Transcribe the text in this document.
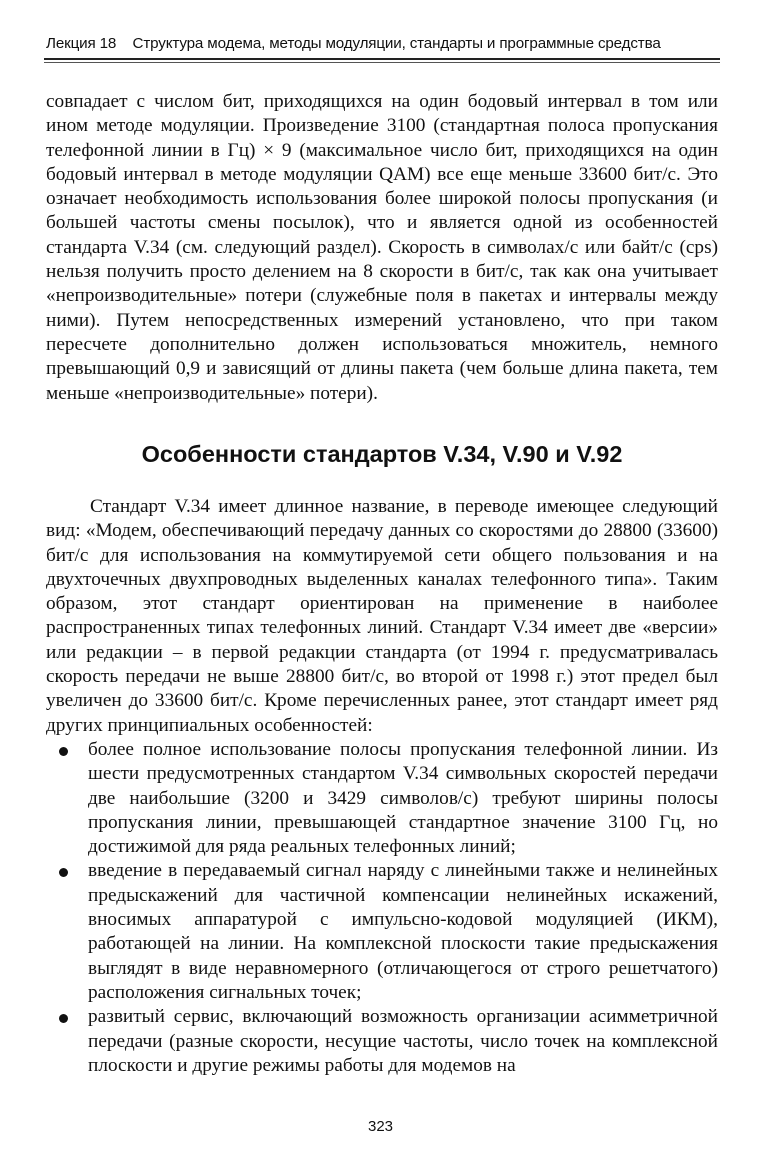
Лекция 18    Структура модема, методы модуляции, стандарты и программные средства

совпадает с числом бит, приходящихся на один бодовый интервал в том или ином методе модуляции. Произведение 3100 (стандартная полоса пропускания телефонной линии в Гц) × 9 (максимальное число бит, приходящихся на один бодовый интервал в методе модуляции QAM) все еще меньше 33600 бит/с. Это означает необходимость использования более широкой полосы пропускания (и большей частоты смены посылок), что и является одной из особенностей стандарта V.34 (см. следующий раздел). Скорость в символах/с или байт/с (cps) нельзя получить просто делением на 8 скорости в бит/с, так как она учитывает «непроизводительные» потери (служебные поля в пакетах и интервалы между ними). Путем непосредственных измерений установлено, что при таком пересчете дополнительно должен использоваться множитель, немного превышающий 0,9 и зависящий от длины пакета (чем больше длина пакета, тем меньше «непроизводительные» потери).

Особенности стандартов V.34, V.90 и V.92

Стандарт V.34 имеет длинное название, в переводе имеющее следующий вид: «Модем, обеспечивающий передачу данных со скоростями до 28800 (33600) бит/с для использования на коммутируемой сети общего пользования и на двухточечных двухпроводных выделенных каналах телефонного типа». Таким образом, этот стандарт ориентирован на применение в наиболее распространенных типах телефонных линий. Стандарт V.34 имеет две «версии» или редакции – в первой редакции стандарта (от 1994 г. предусматривалась скорость передачи не выше 28800 бит/с, во второй от 1998 г.) этот предел был увеличен до 33600 бит/с. Кроме перечисленных ранее, этот стандарт имеет ряд других принципиальных особенностей:

более полное использование полосы пропускания телефонной линии. Из шести предусмотренных стандартом V.34 символьных скоростей передачи две наибольшие (3200 и 3429 символов/с) требуют ширины полосы пропускания линии, превышающей стандартное значение 3100 Гц, но достижимой для ряда реальных телефонных линий;
введение в передаваемый сигнал наряду с линейными также и нелинейных предыскажений для частичной компенсации нелинейных искажений, вносимых аппаратурой с импульсно-кодовой модуляцией (ИКМ), работающей на линии. На комплексной плоскости такие предыскажения выглядят в виде неравномерного (отличающегося от строго решетчатого) расположения сигнальных точек;
развитый сервис, включающий возможность организации асимметричной передачи (разные скорости, несущие частоты, число точек на комплексной плоскости и другие режимы работы для модемов на
323
